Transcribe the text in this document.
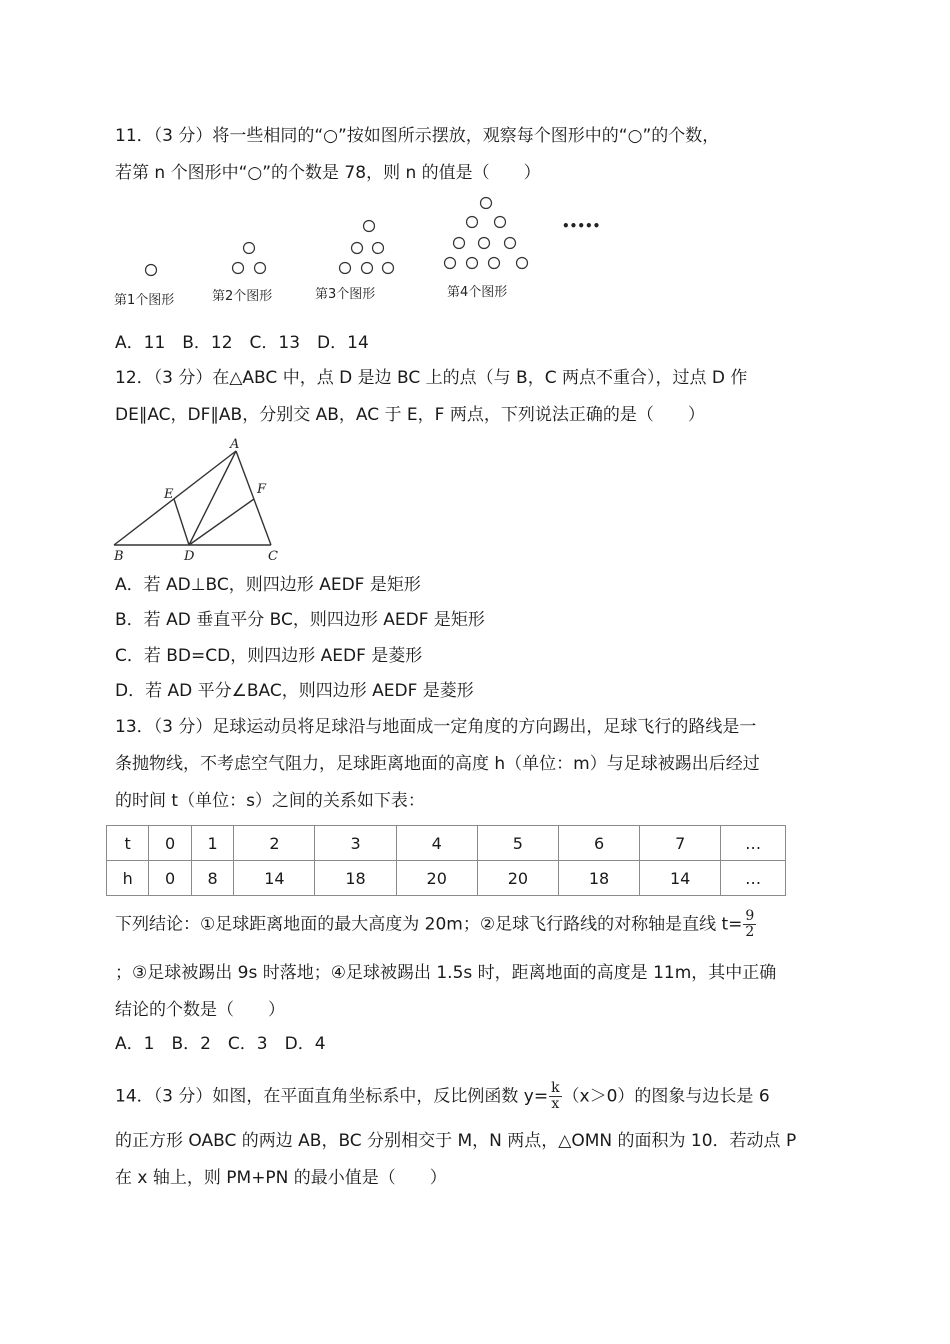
11．（3 分）将一些相同的“○”按如图所示摆放，观察每个图形中的“○”的个数，
若第 n 个图形中“○”的个数是 78，则 n 的值是（　　）
第1个图形	第2个图形	第3个图形	第4个图形
•••••
A．11　B．12　C．13　D．14
12．（3 分）在△ABC 中，点 D 是边 BC 上的点（与 B，C 两点不重合），过点 D 作
DE∥AC，DF∥AB，分别交 AB，AC 于 E，F 两点，下列说法正确的是（　　）
A
B	C
D
E	F
A．若 AD⊥BC，则四边形 AEDF 是矩形
B．若 AD 垂直平分 BC，则四边形 AEDF 是矩形
C．若 BD=CD，则四边形 AEDF 是菱形
D．若 AD 平分∠BAC，则四边形 AEDF 是菱形
13．（3 分）足球运动员将足球沿与地面成一定角度的方向踢出，足球飞行的路线是一
条抛物线，不考虑空气阻力，足球距离地面的高度 h（单位：m）与足球被踢出后经过
的时间 t（单位：s）之间的关系如下表：
t	0	1	2	3	4	5	6	7	…
h	0	8	14	18	20	20	18	14	…
下列结论：①足球距离地面的最大高度为 20m；②足球飞行路线的对称轴是直线 $t= \frac{9}{2}$
；③足球被踢出 9s 时落地；④足球被踢出 1.5s 时，距离地面的高度是 11m，其中正确
结论的个数是（　　）
A．1　B．2　C．3　D．4
14．（3 分）如图，在平面直角坐标系中，反比例函数 $y= \frac{k}{x} (x>0)$的图象与边长是 6
的正方形 OABC 的两边 AB，BC 分别相交于 M，N 两点，△OMN 的面积为 10．若动点 P
在 x 轴上，则 PM+PN 的最小值是（　　）
